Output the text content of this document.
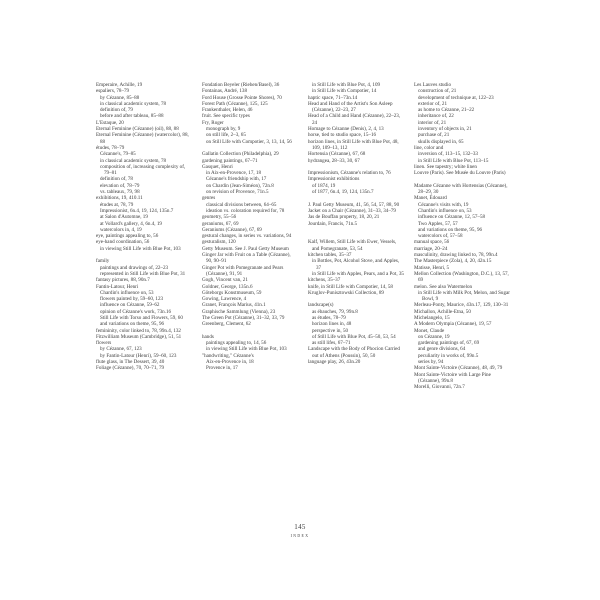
Emperaire, Achille, 19
espaliers, 78–79
by Cézanne, 85–88
in classical academic system, 78
definition of, 79
before and after tableau, 85–88
L'Estaque, 20
Eternal Feminine (Cézanne) (oil), 88, 88
Eternal Feminine (Cézanne) (watercolor), 88, 88
études, 78–79
Cézanne's, 79–85
in classical academic system, 78
composition of, increasing complexity of, 79–81
definition of, 78
elevation of, 78–79
vs. tableaux, 79, 98
exhibitions, 19, 410.11
études at, 78, 79
Impressionist, 6n.4, 19, 124, 135n.7
at Salon d'Automne, 19
at Vollard's gallery, 4, 6n.4, 19
watercolors in, 4, 19
eye, paintings appealing to, 56
eye-hand coordination, 56
in viewing Still Life with Blue Pot, 103
family
paintings and drawings of, 22–23
represented in Still Life with Blue Pot, 31
fantasy pictures, 88, 90n.7
Fantin-Latour, Henri
Chardin's influence on, 53
flowers painted by, 59–60, 123
influence on Cézanne, 59–62
opinion of Cézanne's work, 73n.16
Still Life with Torso and Flowers, 59, 60
and variations on theme, 95, 96
femininity, color linked to, 78, 99n.4, 132
Fitzwilliam Museum (Cambridge), 51, 51
flowers
by Cézanne, 67, 123
by Fantin-Latour (Henri), 59–60, 123
flute glass, in The Dessert, 39, 40
Foliage (Cézanne), 70, 70–71, 79
Fondation Beyeler (Riehen/Basel), 36
Fontainas, André, 138
Ford House (Grosse Pointe Shores), 70
Forest Path (Cézanne), 125, 125
Frankenthaler, Helen, 46
fruit. See specific types
Fry, Roger
monograph by, 9
on still life, 2–3, 65
on Still Life with Compotier, 3, 13, 14, 56
Gallatin Collection (Philadelphia), 29
gardening paintings, 67–71
Gasquet, Henri
in Aix-en-Provence, 17, 18
Cézanne's friendship with, 17
on Chardin (Jean-Siméon), 72n.8
on revision of Provence, 71n.5
genres
classical divisions between, 64–65
ideation vs. coloration required for, 78
geometry, 55–56
geraniums, 67, 69
Geraniums (Cézanne), 67, 69
gestural changes, in series vs. variations, 94
gesturalism, 120
Getty Museum. See J. Paul Getty Museum
Ginger Jar with Fruit on a Table (Cézanne), 90, 90–91
Ginger Pot with Pomegranate and Pears (Cézanne), 91, 91
Gogh, Vincent van, 21
Goldner, George, 135n.6
Göteborgs Konstmuseum, 59
Gowing, Lawrence, 4
Granet, François Marius, 41n.1
Graphische Sammlung (Vienna), 23
The Green Pot (Cézanne), 31–32, 33, 79
Greenberg, Clement, 62
hands
paintings appealing to, 14, 56
in viewing Still Life with Blue Pot, 103
"handwriting," Cézanne's
Aix-en-Provence in, 18
Provence in, 17
in Still Life with Blue Pot, 4, 109
in Still Life with Compotier, 14
haptic space, 71–73n.14
Head and Hand of the Artist's Son Asleep (Cézanne), 22–23, 27
Head of a Child and Hand (Cézanne), 22–23, 24
Homage to Cézanne (Denis), 2, 4, 13
horse, tied to studio space, 15–16
horizon lines, in Still Life with Blue Pot, 48, 109, 109–13, 112
Hortensia (Cézanne), 67, 68
hydrangea, 28–33, 30, 67
Impressionism, Cézanne's relation to, 76
Impressionist exhibitions
of 1874, 19
of 1877, 6n.4, 19, 124, 135n.7
J. Paul Getty Museum, 41, 56, 54, 57, 88, 90
Jacket on a Chair (Cézanne), 31–33, 34–79
Jas de Bouffan property, 18, 20, 21
Jourdain, Francis, 71n.5
Kalf, Willem, Still Life with Ewer, Vessels, and Pomegranate, 53, 54
kitchen tables, 35–37
in Bottles, Pot, Alcohol Stove, and Apples, 37
in Still Life with Apples, Pears, and a Pot, 35
kitchens, 35–37
knife, in Still Life with Compotier, 14, 58
Kruglov-Punisztowski Collection, 89
landscape(s)
as ébauches, 79, 99n.8
as études, 78–79
horizon lines in, 48
perspective in, 50
of Still Life with Blue Pot, 45–50, 53, 54
as still lifes, 67–71
Landscape with the Body of Phocion Carried out of Athens (Poussin), 50, 50
language play, 26, 43n.20
Les Lauves studio
construction of, 21
development of technique at, 122–23
exterior of, 21
as home to Cézanne, 21–22
inheritance of, 22
interior of, 21
inventory of objects in, 21
purchase of, 21
skulls displayed in, 65
line, color and
inversion of, 113–15, 132–33
in Still Life with Blue Pot, 113–15
linen. See tapestry; white linen
Louvre (Paris). See Musée du Louvre (Paris)
Madame Cézanne with Hortensias (Cézanne), 28–29, 30
Manet, Édouard
Cézanne's visits with, 19
Chardin's influence on, 53
influence on Cézanne, 12, 57–58
Two Apples, 57, 57
and variations on theme, 95, 96
watercolors of, 57–58
manual space, 56
marriage, 20–24
masculinity, drawing linked to, 78, 99n.4
The Masterpiece (Zola), 4, 20, 42n.15
Matisse, Henri, 5
Mellon Collection (Washington, D.C.), 13, 57, 69
melon. See also Watermelon
in Still Life with Milk Pot, Melon, and Sugar Bowl, 9
Merleau-Ponty, Maurice, 43n.17, 129, 130–31
Michallon, Achille-Etna, 50
Michelangelo, 15
A Modern Olympia (Cézanne), 19, 57
Monet, Claude
on Cézanne, 19
gardening paintings of, 67, 69
and genre divisions, 64
peculiarity in works of, 99n.5
series by, 94
Mont Sainte-Victoire (Cézanne), 48, 49, 79
Mont Sainte-Victoire with Large Pine (Cézanne), 99n.8
Morelli, Giovanni, 72n.7
145
INDEX
